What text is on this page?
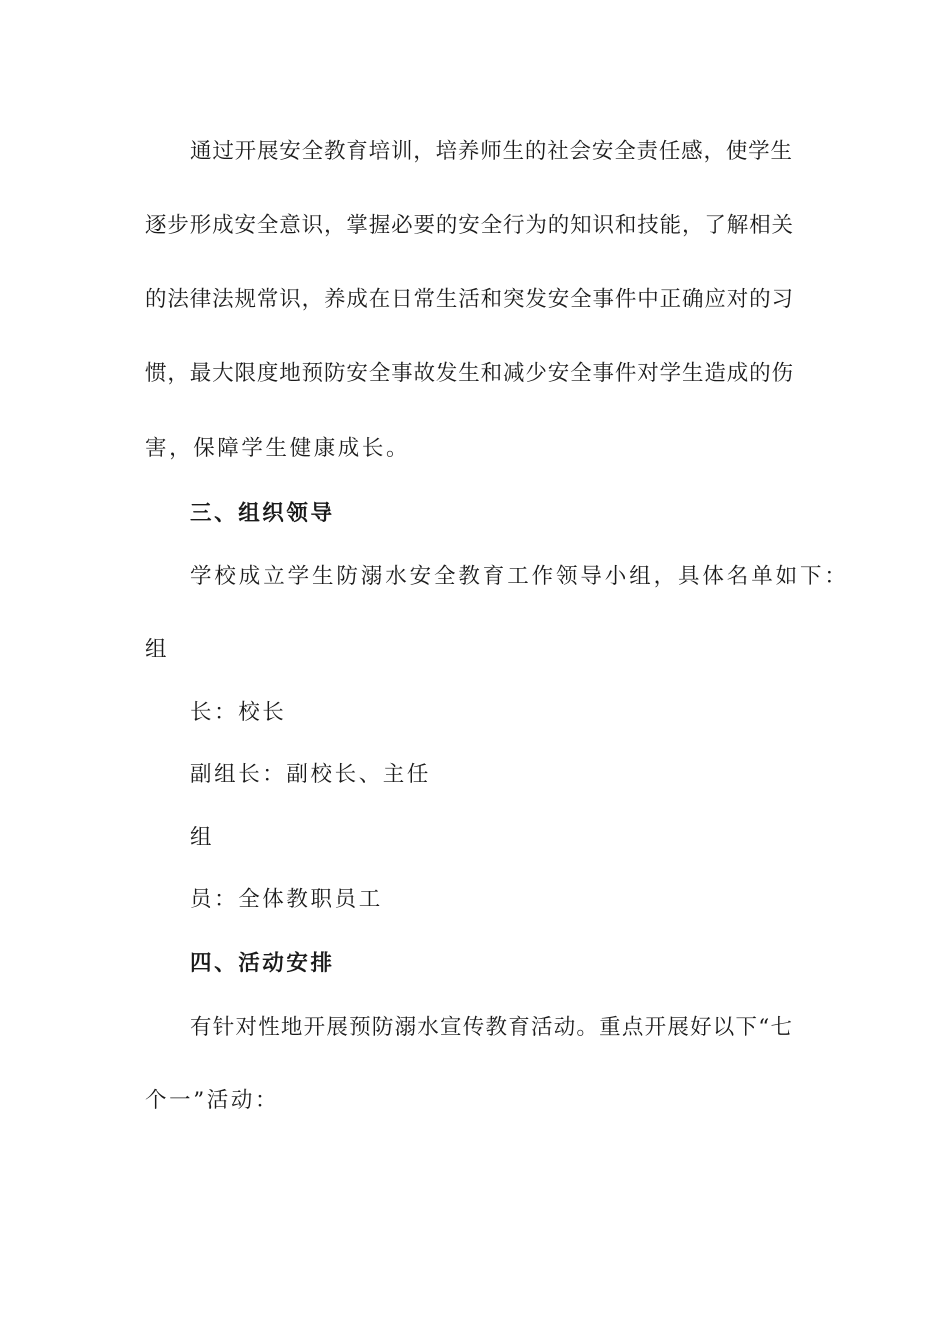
通过开展安全教育培训，培养师生的社会安全责任感，使学生
逐步形成安全意识，掌握必要的安全行为的知识和技能，了解相关
的法律法规常识，养成在日常生活和突发安全事件中正确应对的习
惯，最大限度地预防安全事故发生和减少安全事件对学生造成的伤
害，保障学生健康成长。
三、组织领导
学校成立学生防溺水安全教育工作领导小组，具体名单如下：
组
长：校长
副组长：副校长、主任
组
员：全体教职员工
四、活动安排
有针对性地开展预防溺水宣传教育活动。重点开展好以下“七
个一”活动：
